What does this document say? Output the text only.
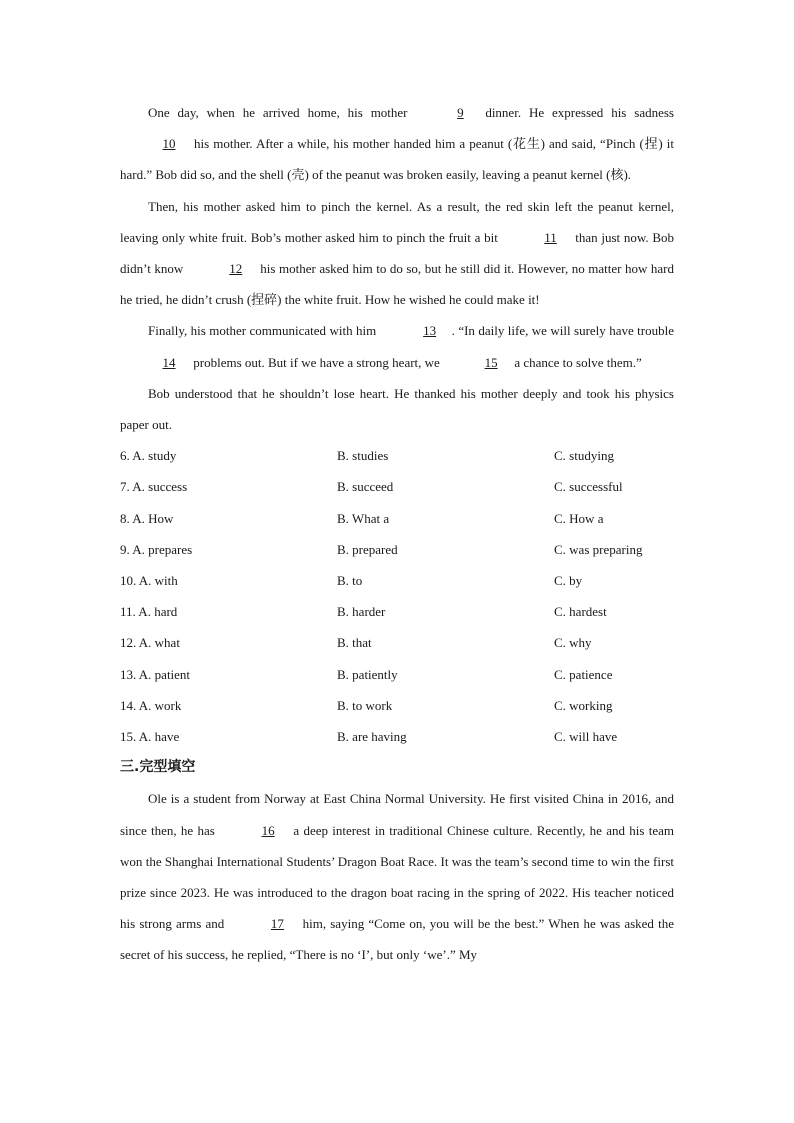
One day, when he arrived home, his mother	9 dinner. He expressed his sadness 10 his mother. After a while, his mother handed him a peanut (花生) and said, “Pinch (捏) it hard.” Bob did so, and the shell (壳) of the peanut was broken easily, leaving a peanut kernel (核).

Then, his mother asked him to pinch the kernel. As a result, the red skin left the peanut kernel, leaving only white fruit. Bob’s mother asked him to pinch the fruit a bit	11 than just now. Bob didn’t know	12 his mother asked him to do so, but he still did it. However, no matter how hard he tried, he didn’t crush (捏碎) the white fruit. How he wished he could make it!

Finally, his mother communicated with him	13 . “In daily life, we will surely have trouble 14 problems out. But if we have a strong heart, we	15 a chance to solve them.”

Bob understood that he shouldn’t lose heart. He thanked his mother deeply and took his physics paper out.

6. A. study	B. studies	C. studying
7. A. success	B. succeed	C. successful
8. A. How	B. What a	C. How a
9. A. prepares	B. prepared	C. was preparing
10. A. with	B. to	C. by
11. A. hard	B. harder	C. hardest
12. A. what	B. that	C. why
13. A. patient	B. patiently	C. patience
14. A. work	B. to work	C. working
15. A. have	B. are having	C. will have

三.完型填空

Ole is a student from Norway at East China Normal University. He first visited China in 2016, and since then, he has	16 a deep interest in traditional Chinese culture. Recently, he and his team won the Shanghai International Students’ Dragon Boat Race. It was the team’s second time to win the first prize since 2023. He was introduced to the dragon boat racing in the spring of 2022. His teacher noticed his strong arms and	17 him, saying “Come on, you will be the best.” When he was asked the secret of his success, he replied, “There is no ‘I’, but only ‘we’.” My
